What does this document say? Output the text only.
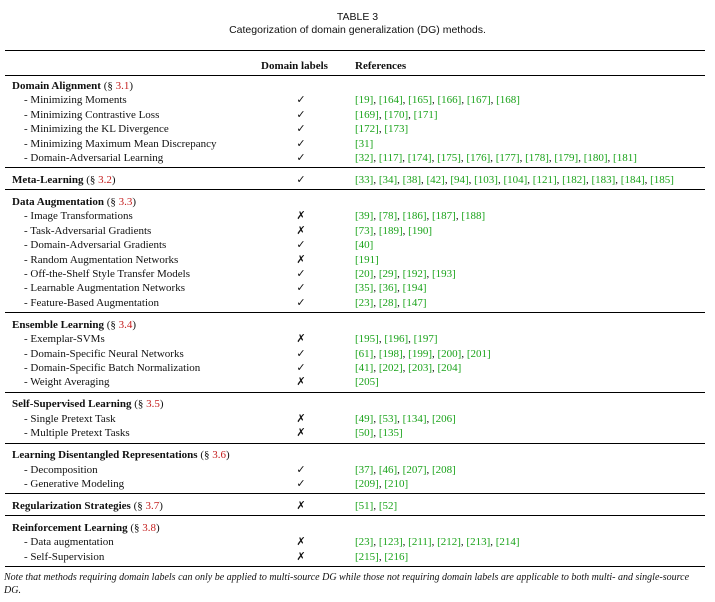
TABLE 3
Categorization of domain generalization (DG) methods.
Domain labels References
Domain Alignment (§ 3.1)
- Minimizing Moments	✓	[19], [164], [165], [166], [167], [168]
- Minimizing Contrastive Loss	✓	[169], [170], [171]
- Minimizing the KL Divergence	✓	[172], [173]
- Minimizing Maximum Mean Discrepancy	✓	[31]
- Domain-Adversarial Learning	✓	[32], [117], [174], [175], [176], [177], [178], [179], [180], [181]
Meta-Learning (§ 3.2)	✓	[33], [34], [38], [42], [94], [103], [104], [121], [182], [183], [184], [185]
Data Augmentation (§ 3.3)
- Image Transformations	✗	[39], [78], [186], [187], [188]
- Task-Adversarial Gradients	✗	[73], [189], [190]
- Domain-Adversarial Gradients	✓	[40]
- Random Augmentation Networks	✗	[191]
- Off-the-Shelf Style Transfer Models	✓	[20], [29], [192], [193]
- Learnable Augmentation Networks	✓	[35], [36], [194]
- Feature-Based Augmentation	✓	[23], [28], [147]
Ensemble Learning (§ 3.4)
- Exemplar-SVMs	✗	[195], [196], [197]
- Domain-Specific Neural Networks	✓	[61], [198], [199], [200], [201]
- Domain-Specific Batch Normalization	✓	[41], [202], [203], [204]
- Weight Averaging	✗	[205]
Self-Supervised Learning (§ 3.5)
- Single Pretext Task	✗	[49], [53], [134], [206]
- Multiple Pretext Tasks	✗	[50], [135]
Learning Disentangled Representations (§ 3.6)
- Decomposition	✓	[37], [46], [207], [208]
- Generative Modeling	✓	[209], [210]
Regularization Strategies (§ 3.7)	✗	[51], [52]
Reinforcement Learning (§ 3.8)
- Data augmentation	✗	[23], [123], [211], [212], [213], [214]
- Self-Supervision	✗	[215], [216]
Note that methods requiring domain labels can only be applied to multi-source DG while those not requiring domain labels are applicable to both multi- and single-source DG.
